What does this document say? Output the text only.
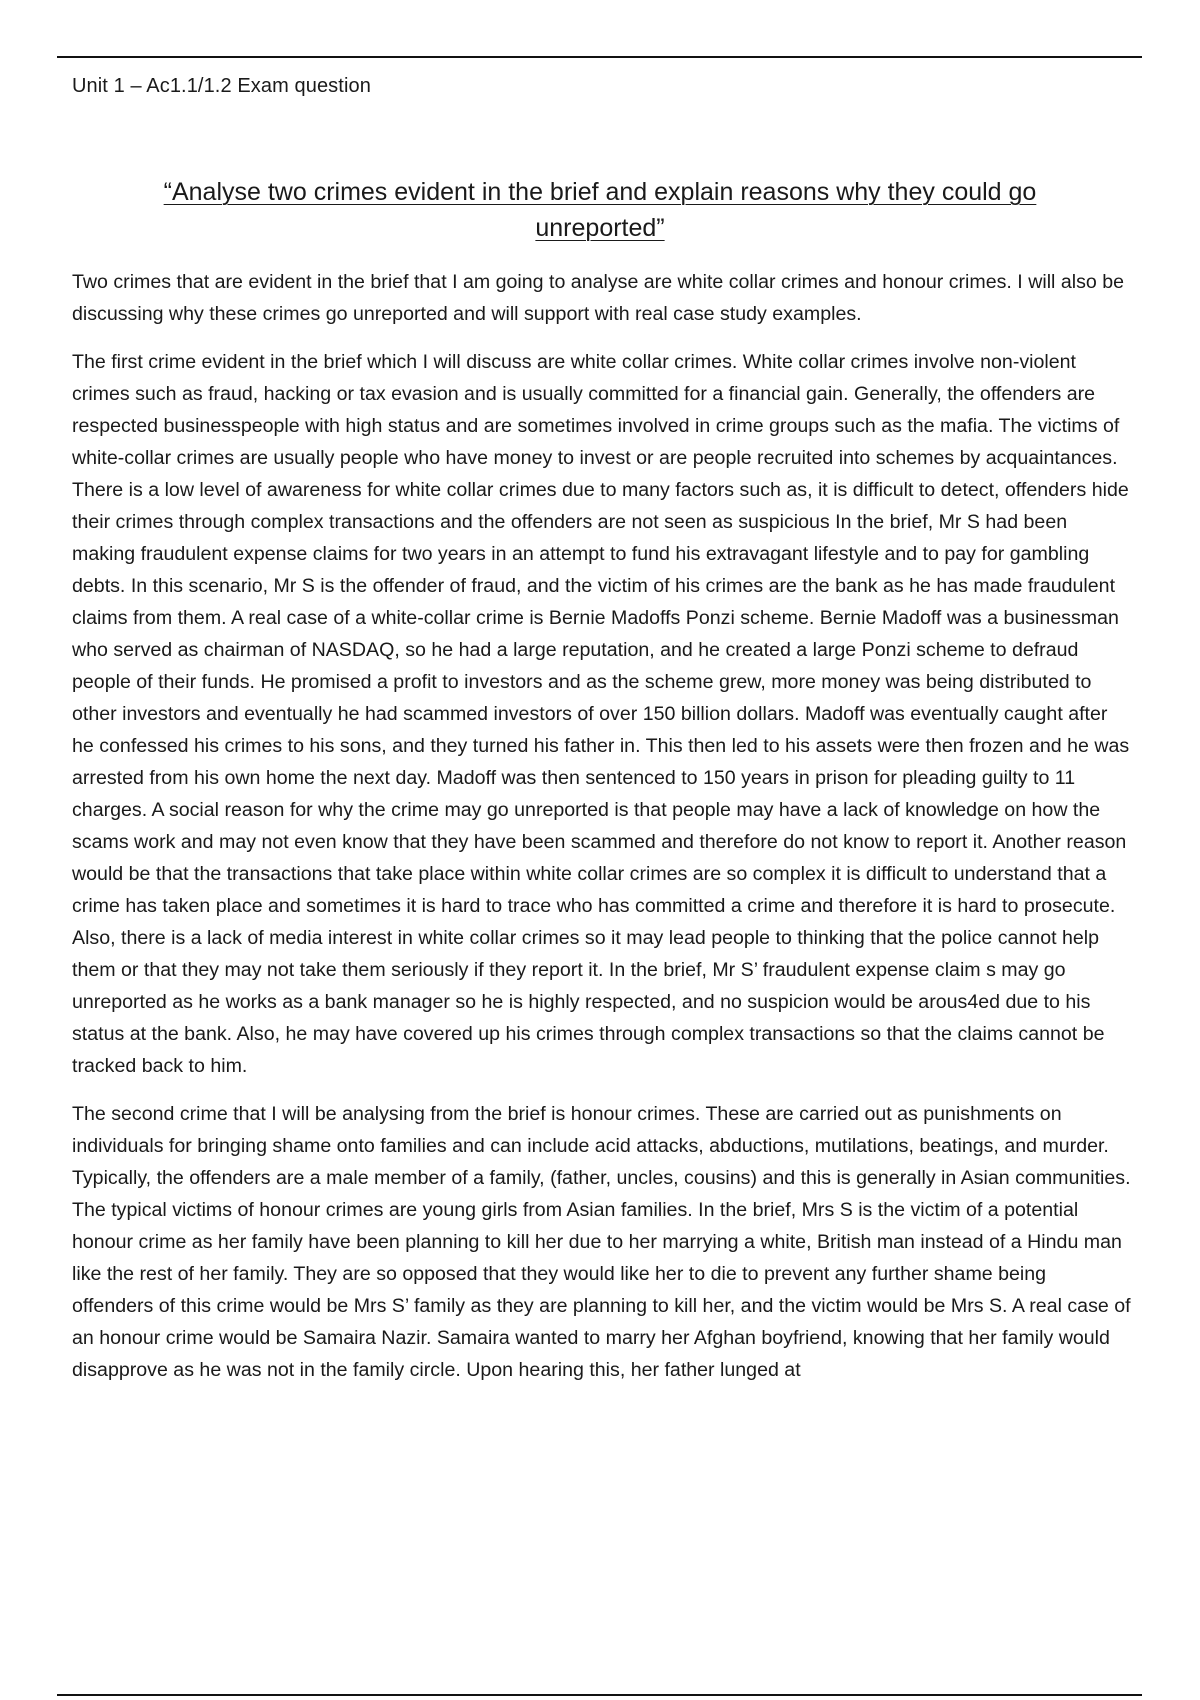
Unit 1 – Ac1.1/1.2 Exam question
“Analyse two crimes evident in the brief and explain reasons why they could go unreported”

Two crimes that are evident in the brief that I am going to analyse are white collar crimes and honour crimes. I will also be discussing why these crimes go unreported and will support with real case study examples.

The first crime evident in the brief which I will discuss are white collar crimes. White collar crimes involve non-violent crimes such as fraud, hacking or tax evasion and is usually committed for a financial gain. Generally, the offenders are respected businesspeople with high status and are sometimes involved in crime groups such as the mafia. The victims of white-collar crimes are usually people who have money to invest or are people recruited into schemes by acquaintances. There is a low level of awareness for white collar crimes due to many factors such as, it is difficult to detect, offenders hide their crimes through complex transactions and the offenders are not seen as suspicious In the brief, Mr S had been making fraudulent expense claims for two years in an attempt to fund his extravagant lifestyle and to pay for gambling debts. In this scenario, Mr S is the offender of fraud, and the victim of his crimes are the bank as he has made fraudulent claims from them. A real case of a white-collar crime is Bernie Madoffs Ponzi scheme. Bernie Madoff was a businessman who served as chairman of NASDAQ, so he had a large reputation, and he created a large Ponzi scheme to defraud people of their funds. He promised a profit to investors and as the scheme grew, more money was being distributed to other investors and eventually he had scammed investors of over 150 billion dollars. Madoff was eventually caught after he confessed his crimes to his sons, and they turned his father in. This then led to his assets were then frozen and he was arrested from his own home the next day. Madoff was then sentenced to 150 years in prison for pleading guilty to 11 charges. A social reason for why the crime may go unreported is that people may have a lack of knowledge on how the scams work and may not even know that they have been scammed and therefore do not know to report it. Another reason would be that the transactions that take place within white collar crimes are so complex it is difficult to understand that a crime has taken place and sometimes it is hard to trace who has committed a crime and therefore it is hard to prosecute. Also, there is a lack of media interest in white collar crimes so it may lead people to thinking that the police cannot help them or that they may not take them seriously if they report it. In the brief, Mr S’ fraudulent expense claim s may go unreported as he works as a bank manager so he is highly respected, and no suspicion would be arous4ed due to his status at the bank. Also, he may have covered up his crimes through complex transactions so that the claims cannot be tracked back to him.

The second crime that I will be analysing from the brief is honour crimes. These are carried out as punishments on individuals for bringing shame onto families and can include acid attacks, abductions, mutilations, beatings, and murder. Typically, the offenders are a male member of a family, (father, uncles, cousins) and this is generally in Asian communities. The typical victims of honour crimes are young girls from Asian families. In the brief, Mrs S is the victim of a potential honour crime as her family have been planning to kill her due to her marrying a white, British man instead of a Hindu man like the rest of her family. They are so opposed that they would like her to die to prevent any further shame being offenders of this crime would be Mrs S’ family as they are planning to kill her, and the victim would be Mrs S. A real case of an honour crime would be Samaira Nazir. Samaira wanted to marry her Afghan boyfriend, knowing that her family would disapprove as he was not in the family circle. Upon hearing this, her father lunged at
